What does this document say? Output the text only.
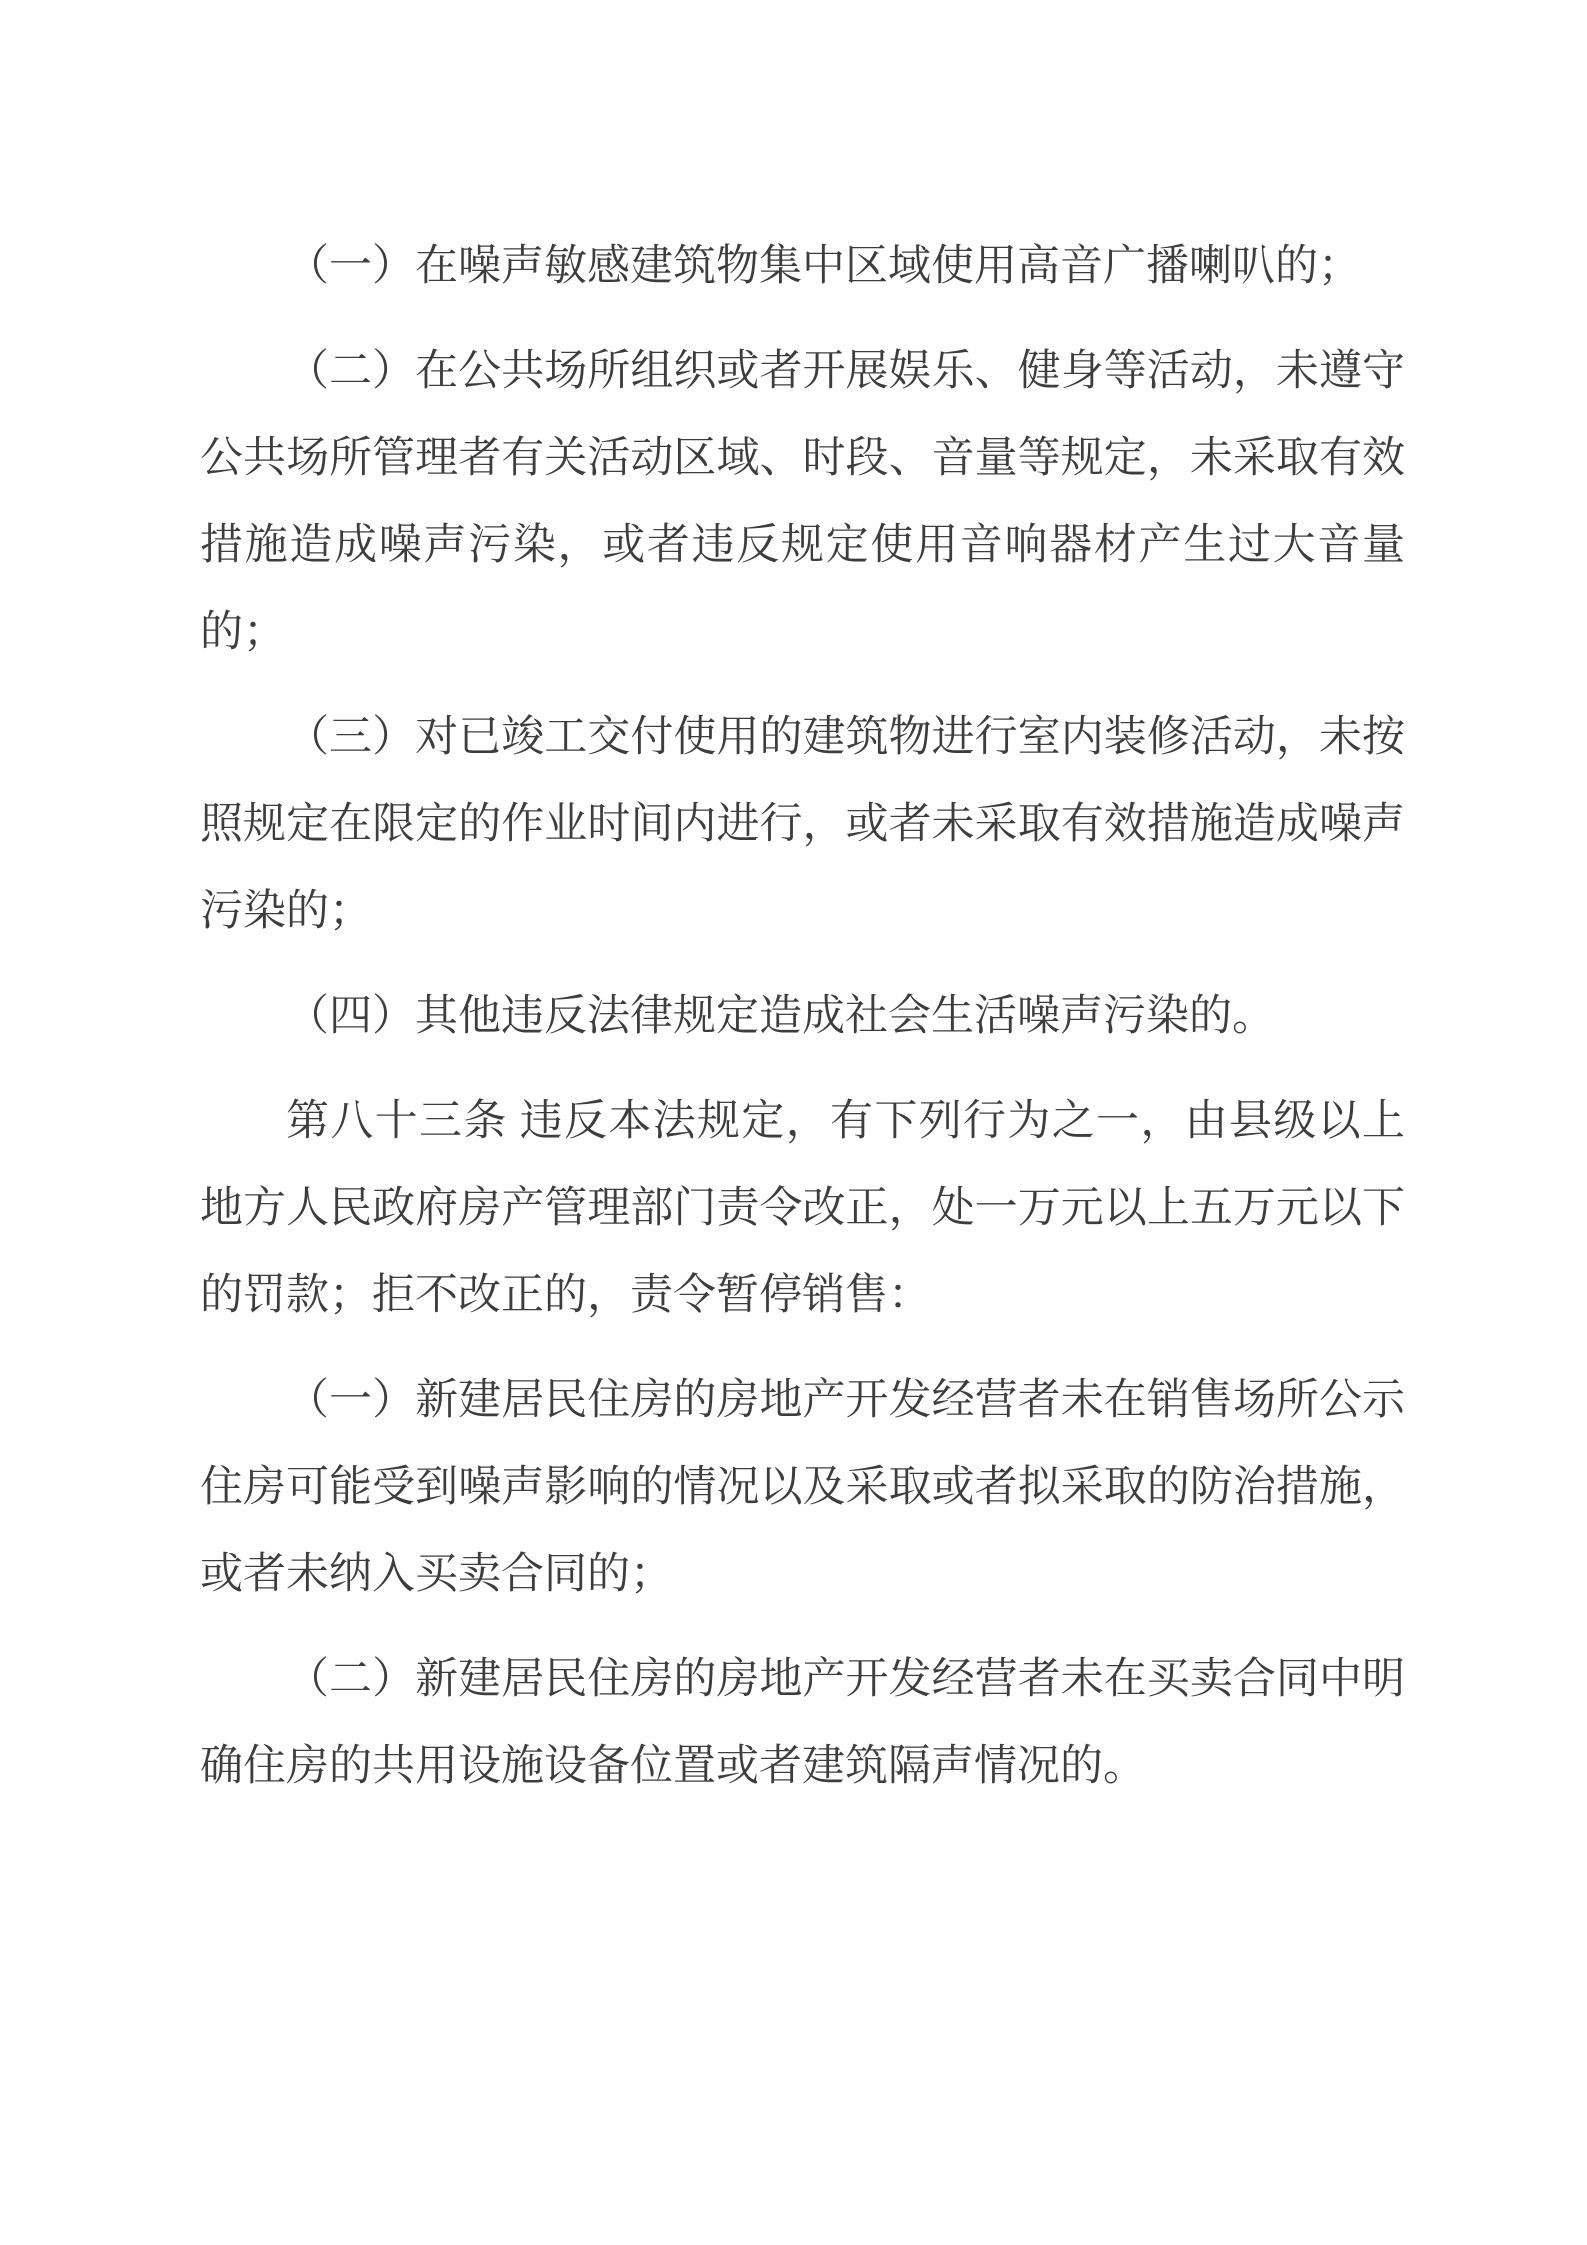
（一）在噪声敏感建筑物集中区域使用高音广播喇叭的；

（二）在公共场所组织或者开展娱乐、健身等活动，未遵守公共场所管理者有关活动区域、时段、音量等规定，未采取有效措施造成噪声污染，或者违反规定使用音响器材产生过大音量的；

（三）对已竣工交付使用的建筑物进行室内装修活动，未按照规定在限定的作业时间内进行，或者未采取有效措施造成噪声污染的；

（四）其他违反法律规定造成社会生活噪声污染的。

第八十三条 违反本法规定，有下列行为之一，由县级以上地方人民政府房产管理部门责令改正，处一万元以上五万元以下的罚款；拒不改正的，责令暂停销售：

（一）新建居民住房的房地产开发经营者未在销售场所公示住房可能受到噪声影响的情况以及采取或者拟采取的防治措施，或者未纳入买卖合同的；

（二）新建居民住房的房地产开发经营者未在买卖合同中明确住房的共用设施设备位置或者建筑隔声情况的。
